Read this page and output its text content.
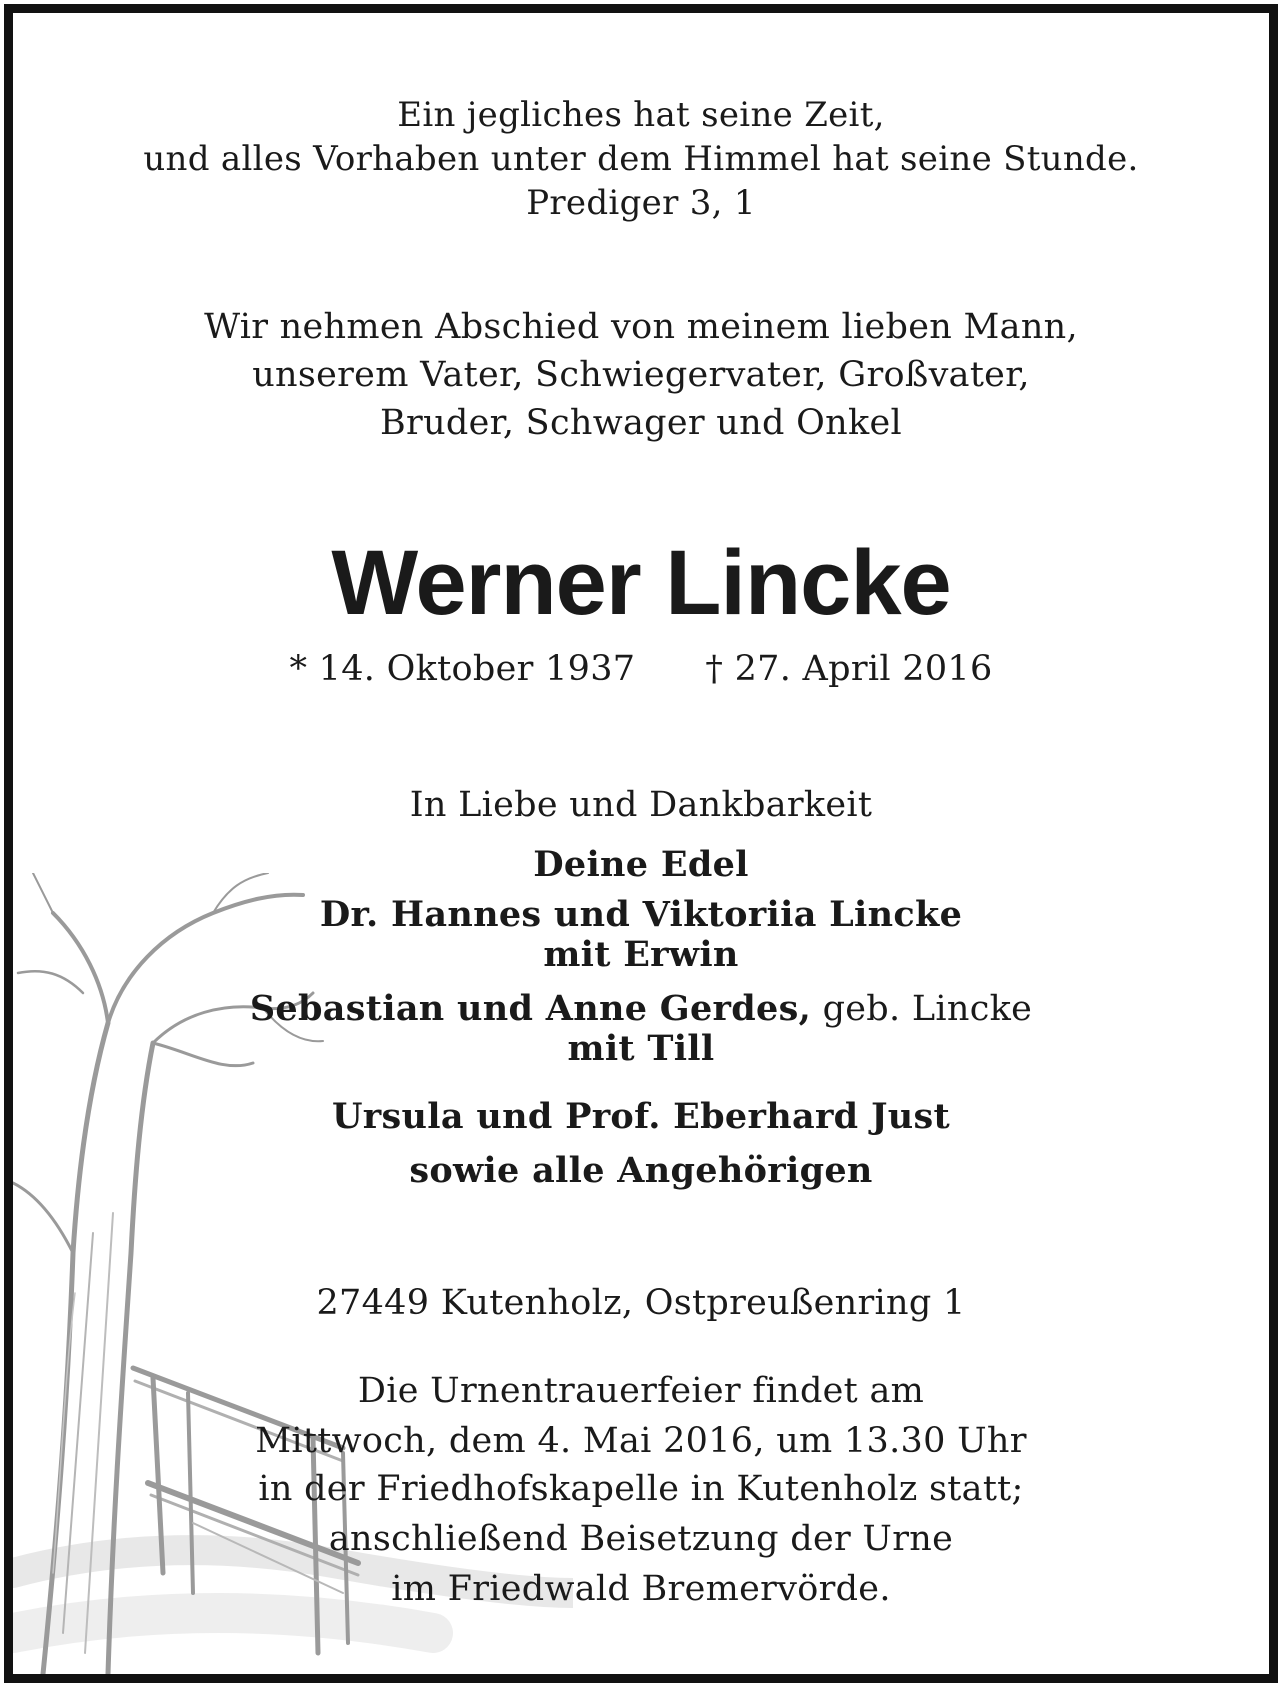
Ein jegliches hat seine Zeit,
und alles Vorhaben unter dem Himmel hat seine Stunde.
Prediger 3, 1
Wir nehmen Abschied von meinem lieben Mann,
unserem Vater, Schwiegervater, Großvater,
Bruder, Schwager und Onkel
Werner Lincke
* 14. Oktober 1937 † 27. April 2016
In Liebe und Dankbarkeit
Deine Edel
Dr. Hannes und Viktoriia Lincke
mit Erwin
Sebastian und Anne Gerdes, geb. Lincke
mit Till
Ursula und Prof. Eberhard Just
sowie alle Angehörigen
27449 Kutenholz, Ostpreußenring 1
Die Urnentrauerfeier findet am
Mittwoch, dem 4. Mai 2016, um 13.30 Uhr
in der Friedhofskapelle in Kutenholz statt;
anschließend Beisetzung der Urne
im Friedwald Bremervörde.
